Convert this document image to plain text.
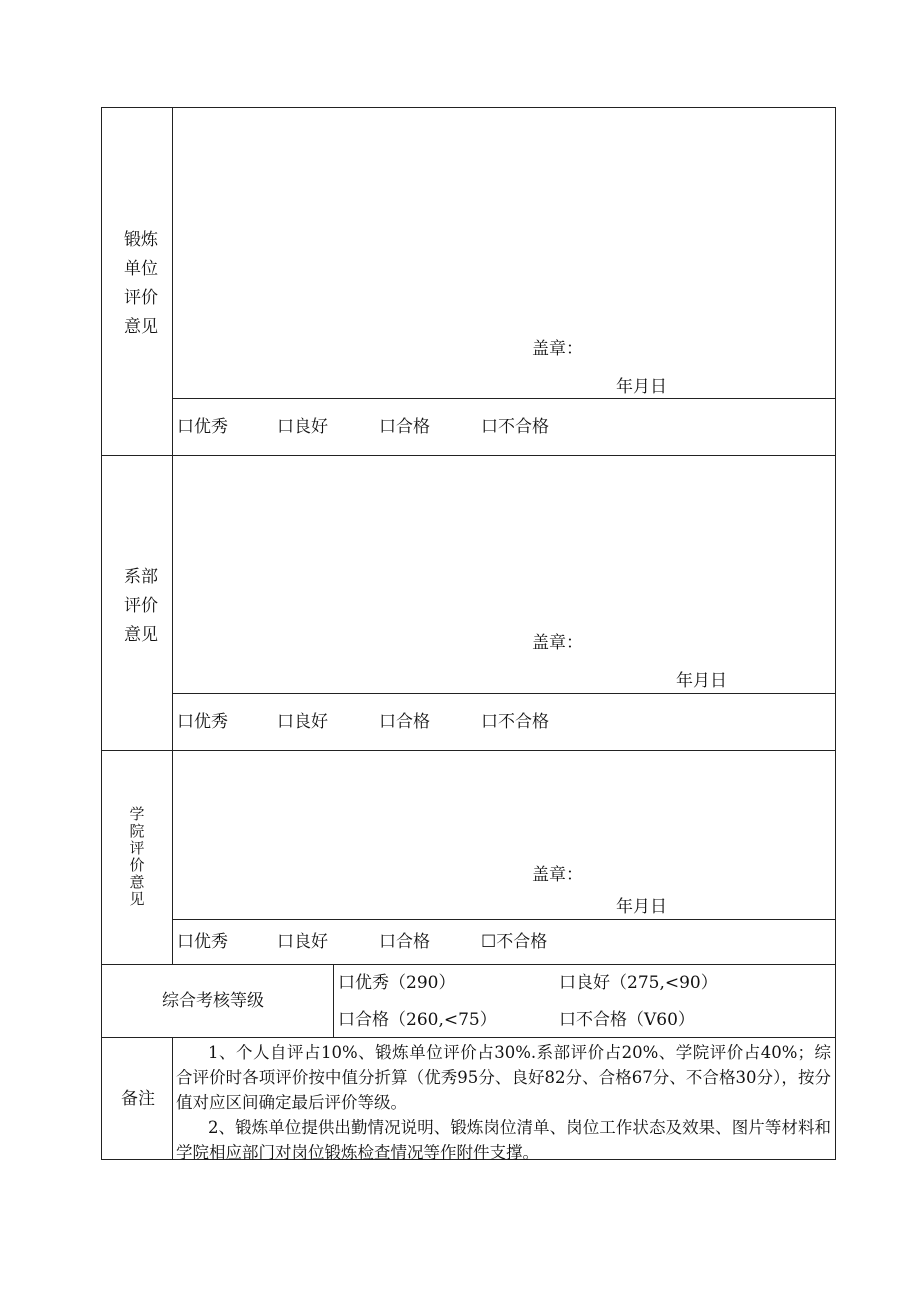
锻炼
单位
评价
意见
盖章：
年月日
口优秀	口良好	口合格	口不合格
系部
评价
意见	盖章：
年月日
口优秀	口良好	口合格	口不合格
学
院
评
价
意
见
盖章：
年月日
口优秀	口良好	口合格	☐不合格
综合考核等级
口优秀（290）	口良好（275,<90）
口合格（260,<75）	口不合格（V60）
备注

1、个人自评占10%、锻炼单位评价占30%.系部评价占20%、学院评价占40%；综合评价时各项评价按中值分折算（优秀95分、良好82分、合格67分、不合格30分），按分值对应区间确定最后评价等级。

2、锻炼单位提供出勤情况说明、锻炼岗位清单、岗位工作状态及效果、图片等材料和学院相应部门对岗位锻炼检查情况等作附件支撑。
